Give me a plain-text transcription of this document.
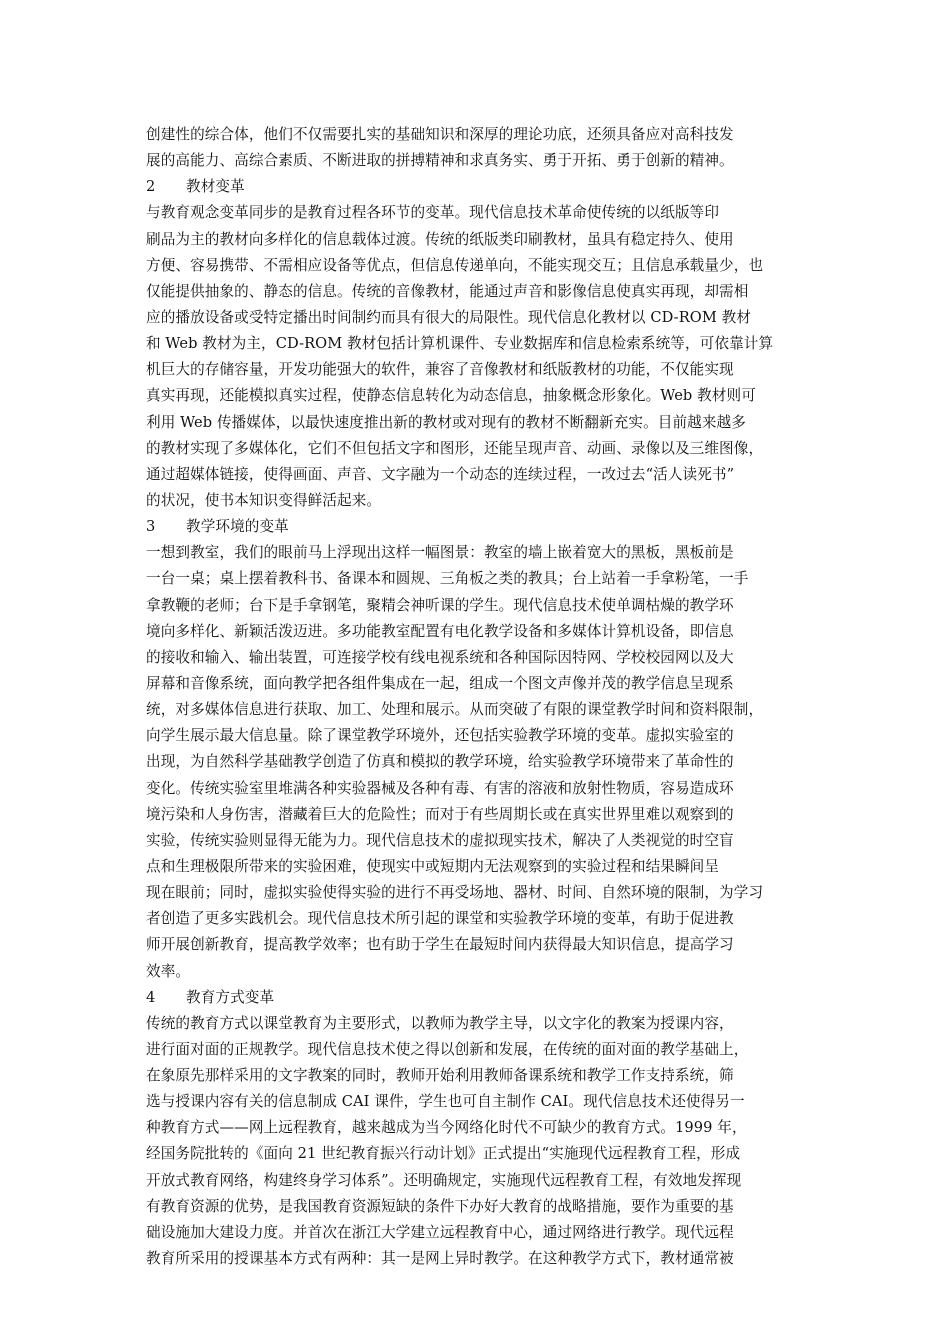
创建性的综合体，他们不仅需要扎实的基础知识和深厚的理论功底，还须具备应对高科技发
展的高能力、高综合素质、不断进取的拼搏精神和求真务实、勇于开拓、勇于创新的精神。
2 教材变革
与教育观念变革同步的是教育过程各环节的变革。现代信息技术革命使传统的以纸版等印
刷品为主的教材向多样化的信息载体过渡。传统的纸版类印刷教材，虽具有稳定持久、使用
方便、容易携带、不需相应设备等优点，但信息传递单向，不能实现交互；且信息承载量少，也
仅能提供抽象的、静态的信息。传统的音像教材，能通过声音和影像信息使真实再现，却需相
应的播放设备或受特定播出时间制约而具有很大的局限性。现代信息化教材以 CD-ROM 教材
和 Web 教材为主，CD-ROM 教材包括计算机课件、专业数据库和信息检索系统等，可依靠计算
机巨大的存储容量，开发功能强大的软件，兼容了音像教材和纸版教材的功能，不仅能实现
真实再现，还能模拟真实过程，使静态信息转化为动态信息，抽象概念形象化。Web 教材则可
利用 Web 传播媒体，以最快速度推出新的教材或对现有的教材不断翻新充实。目前越来越多
的教材实现了多媒体化，它们不但包括文字和图形，还能呈现声音、动画、录像以及三维图像，
通过超媒体链接，使得画面、声音、文字融为一个动态的连续过程，一改过去“活人读死书”
的状况，使书本知识变得鲜活起来。
3 教学环境的变革
一想到教室，我们的眼前马上浮现出这样一幅图景：教室的墙上嵌着宽大的黑板，黑板前是
一台一桌；桌上摆着教科书、备课本和圆规、三角板之类的教具；台上站着一手拿粉笔，一手
拿教鞭的老师；台下是手拿钢笔，聚精会神听课的学生。现代信息技术使单调枯燥的教学环
境向多样化、新颖活泼迈进。多功能教室配置有电化教学设备和多媒体计算机设备，即信息
的接收和输入、输出装置，可连接学校有线电视系统和各种国际因特网、学校校园网以及大
屏幕和音像系统，面向教学把各组件集成在一起，组成一个图文声像并茂的教学信息呈现系
统，对多媒体信息进行获取、加工、处理和展示。从而突破了有限的课堂教学时间和资料限制，
向学生展示最大信息量。除了课堂教学环境外，还包括实验教学环境的变革。虚拟实验室的
出现，为自然科学基础教学创造了仿真和模拟的教学环境，给实验教学环境带来了革命性的
变化。传统实验室里堆满各种实验器械及各种有毒、有害的溶液和放射性物质，容易造成环
境污染和人身伤害，潜藏着巨大的危险性；而对于有些周期长或在真实世界里难以观察到的
实验，传统实验则显得无能为力。现代信息技术的虚拟现实技术，解决了人类视觉的时空盲
点和生理极限所带来的实验困难，使现实中或短期内无法观察到的实验过程和结果瞬间呈
现在眼前；同时，虚拟实验使得实验的进行不再受场地、器材、时间、自然环境的限制，为学习
者创造了更多实践机会。现代信息技术所引起的课堂和实验教学环境的变革，有助于促进教
师开展创新教育，提高教学效率；也有助于学生在最短时间内获得最大知识信息，提高学习
效率。
4 教育方式变革
传统的教育方式以课堂教育为主要形式，以教师为教学主导，以文字化的教案为授课内容，
进行面对面的正规教学。现代信息技术使之得以创新和发展，在传统的面对面的教学基础上，
在象原先那样采用的文字教案的同时，教师开始利用教师备课系统和教学工作支持系统，筛
选与授课内容有关的信息制成 CAI 课件，学生也可自主制作 CAI。现代信息技术还使得另一
种教育方式——网上远程教育，越来越成为当今网络化时代不可缺少的教育方式。1999 年，
经国务院批转的《面向 21 世纪教育振兴行动计划》正式提出“实施现代远程教育工程，形成
开放式教育网络，构建终身学习体系”。还明确规定，实施现代远程教育工程，有效地发挥现
有教育资源的优势，是我国教育资源短缺的条件下办好大教育的战略措施，要作为重要的基
础设施加大建设力度。并首次在浙江大学建立远程教育中心，通过网络进行教学。现代远程
教育所采用的授课基本方式有两种：其一是网上异时教学。在这种教学方式下，教材通常被
